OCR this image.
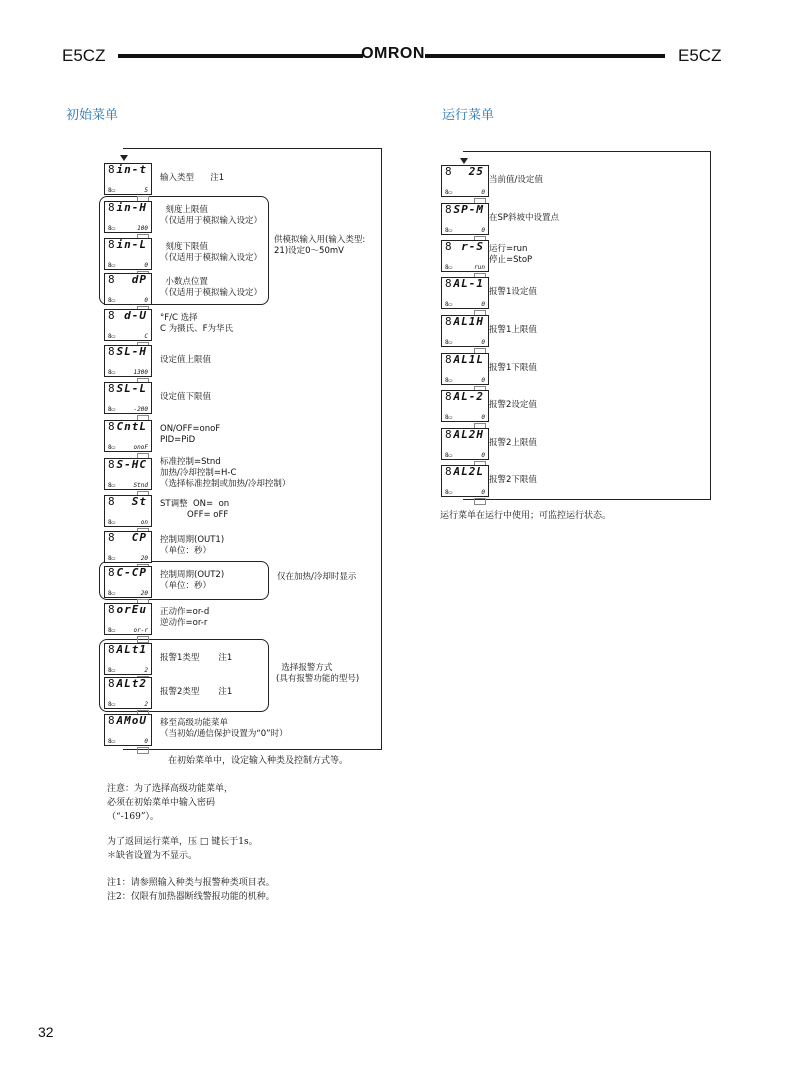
E5CZ	OMRON	E5CZ
初始菜单	运行菜单
8 in-t
8▭	5
输入类型      注1
8 in-H
8▭	100
刻度上限值
（仅适用于模拟输入设定）
8 in-L
8▭	0
刻度下限值
（仅适用于模拟输入设定）
8 dP
8▭	0
小数点位置
（仅适用于模拟输入设定）
8 d-U
8▭	C
°F/C 选择
C 为摄氏、F为华氏
8 SL-H
8▭	1300
设定值上限值
8 SL-L
8▭	-200
设定值下限值
8 CntL
8▭	onoF
ON/OFF=onoF
PID=PiD
8 S-HC
8▭	Stnd
标准控制=Stnd
加热/冷却控制=H-C
（选择标准控制或加热/冷却控制）
8 St
8▭	on
ST调整  ON=  on
OFF= oFF
8 CP
8▭	20
控制周期(OUT1)
（单位：秒）
8 C-CP
8▭	20
控制周期(OUT2)
（单位：秒）
8 orEu
8▭	or-r
正动作=or-d
逆动作=or-r
8 ALt1
8▭	2
报警1类型       注1
8 ALt2
8▭	2
报警2类型       注1
8 AMoU
8▭	0
移至高级功能菜单
（当初始/通信保护设置为“0”时）
供模拟输入用(输入类型:
21)设定0～50mV
仅在加热/冷却时显示
选择报警方式
(具有报警功能的型号)
在初始菜单中，设定输入种类及控制方式等。
8 25
8▭	0
当前值/设定值
8 SP-M
8▭	0
在SP斜坡中设置点
8 r-S
8▭	run
运行=run
停止=StoP
8 AL-1
8▭	0
报警1设定值
8 AL1H
8▭	0
报警1上限值
8 AL1L
8▭	0
报警1下限值
8 AL-2
8▭	0
报警2设定值
8 AL2H
8▭	0
报警2上限值
8 AL2L
8▭	0
报警2下限值
运行菜单在运行中使用；可监控运行状态。
注意：为了选择高级功能菜单，
必须在初始菜单中输入密码
（“-169”）。
为了返回运行菜单，压 □ 键长于1s。
＊缺省设置为不显示。
注1：请参照输入种类与报警种类项目表。
注2：仅限有加热器断线警报功能的机种。
32
